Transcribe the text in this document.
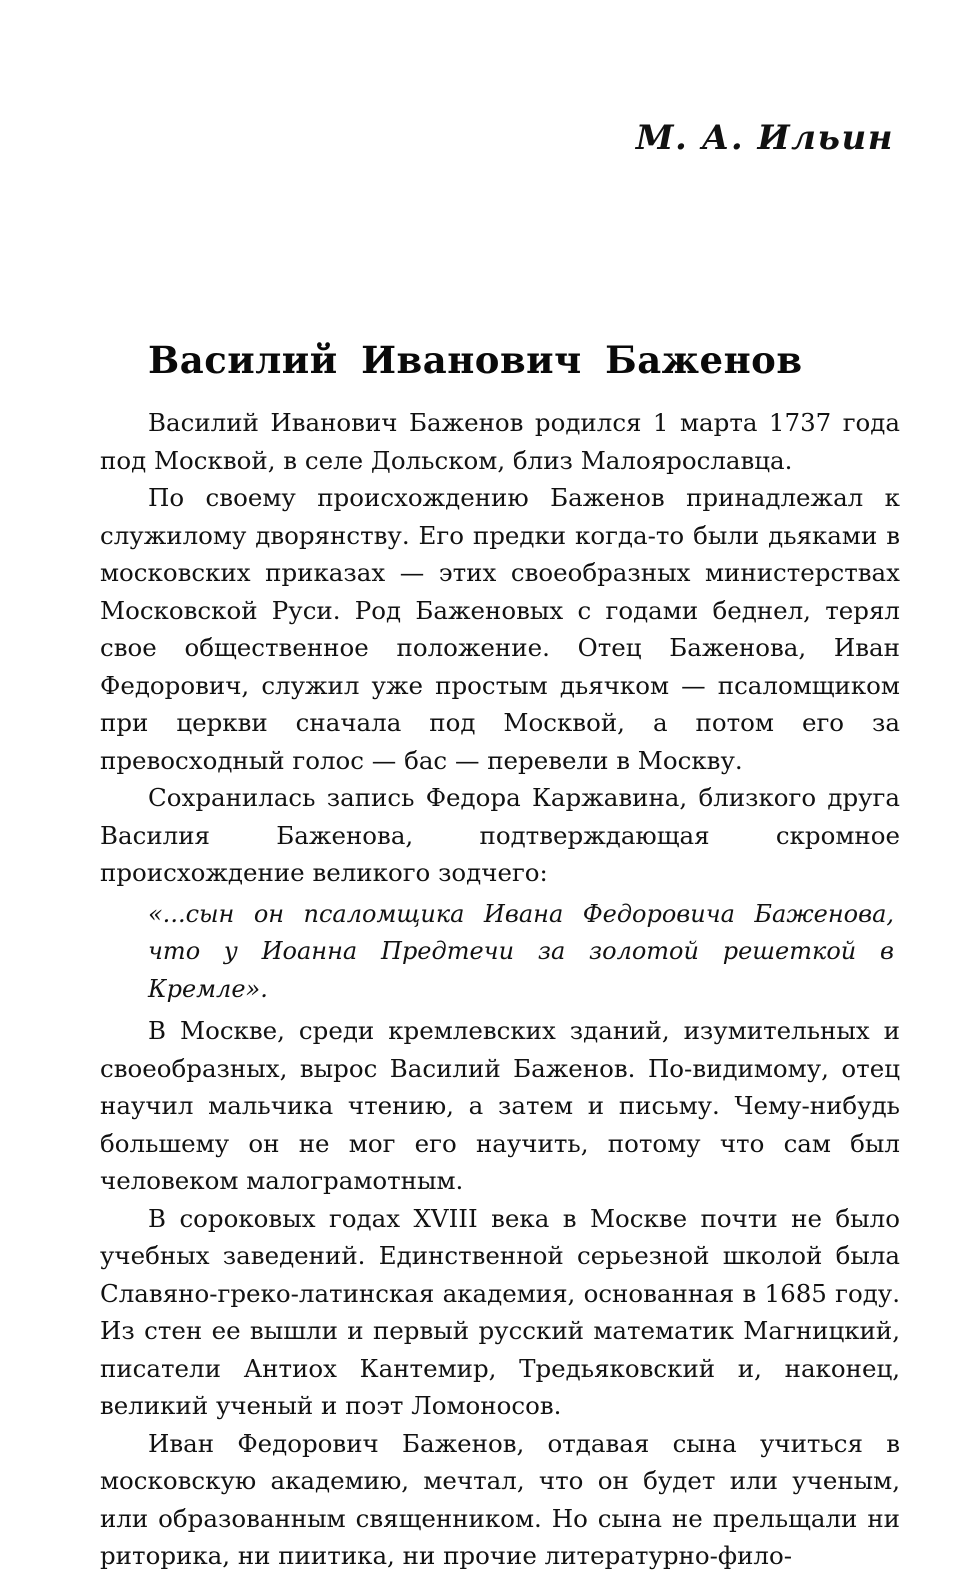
М. А. Ильин
Василий Иванович Баженов

Василий Иванович Баженов родился 1 марта 1737 года под Москвой, в селе Дольском, близ Малоярославца.

По своему происхождению Баженов принадлежал к служилому дворянству. Его предки когда-то были дьяками в московских приказах — этих своеобразных министерствах Московской Руси. Род Баженовых с годами беднел, терял свое общественное положение. Отец Баженова, Иван Федорович, служил уже простым дьячком — псаломщиком при церкви сначала под Москвой, а потом его за превосходный голос — бас — перевели в Москву.

Сохранилась запись Федора Каржавина, близкого друга Василия Баженова, подтверждающая скромное происхождение великого зодчего:

«...сын он псаломщика Ивана Федоровича Баженова, что у Иоанна Предтечи за золотой решеткой в Кремле».

В Москве, среди кремлевских зданий, изумительных и своеобразных, вырос Василий Баженов. По-видимому, отец научил мальчика чтению, а затем и письму. Чему-нибудь большему он не мог его научить, потому что сам был человеком малограмотным.

В сороковых годах XVIII века в Москве почти не было учебных заведений. Единственной серьезной школой была Славяно-греко-латинская академия, основанная в 1685 году. Из стен ее вышли и первый русский математик Магницкий, писатели Антиох Кантемир, Тредьяковский и, наконец, великий ученый и поэт Ломоносов.

Иван Федорович Баженов, отдавая сына учиться в московскую академию, мечтал, что он будет или ученым, или образованным священником. Но сына не прельщали ни риторика, ни пиитика, ни прочие литературно-фило-
